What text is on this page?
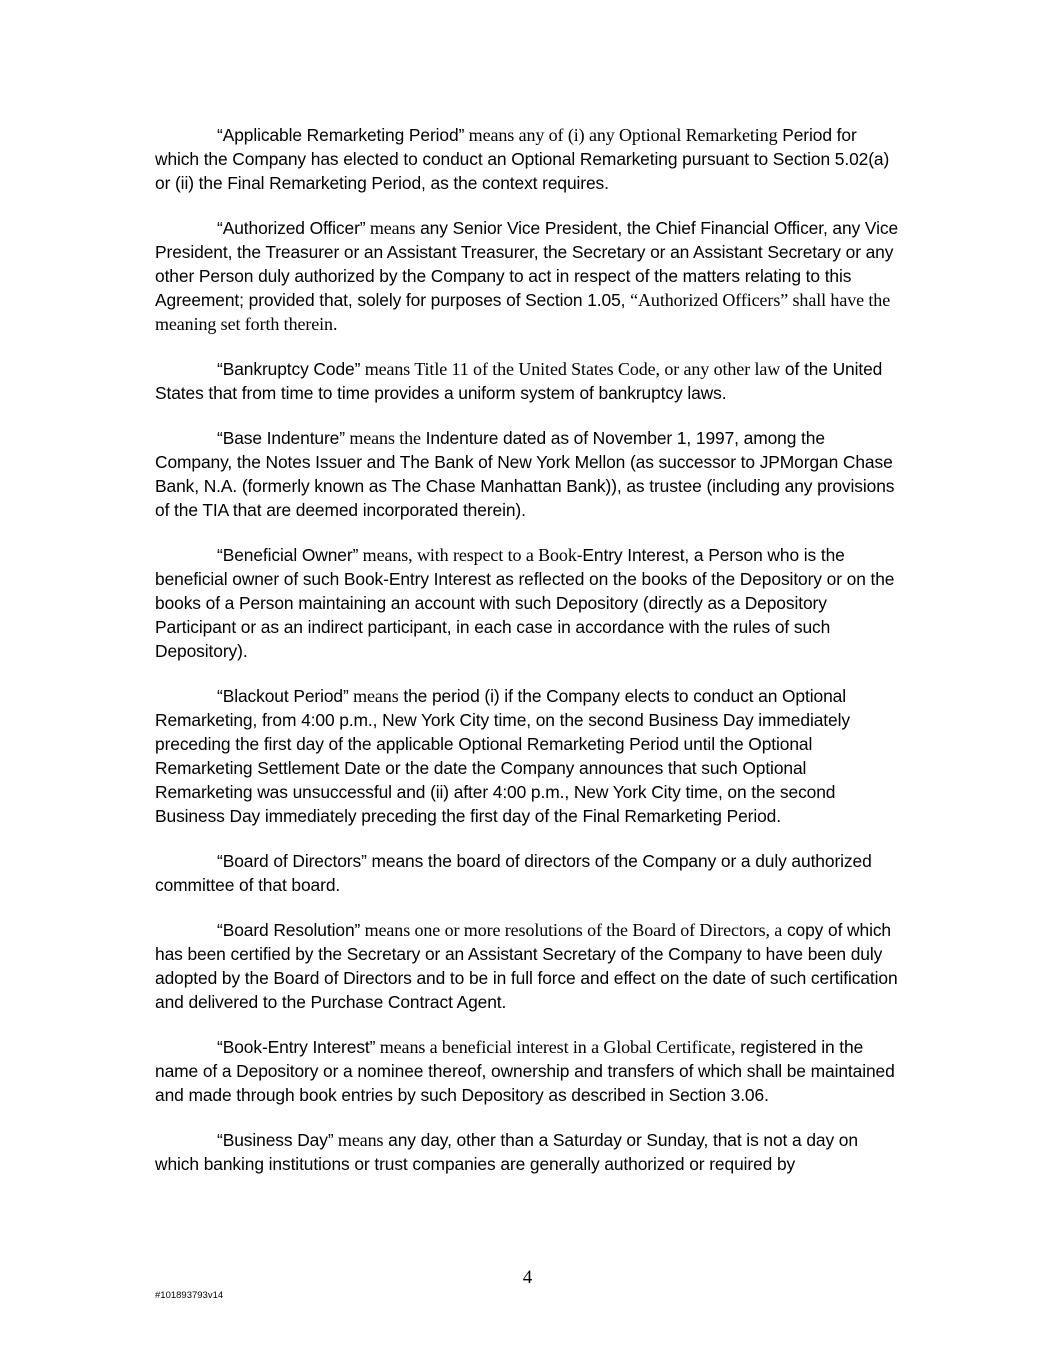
“Applicable Remarketing Period” means any of (i) any Optional Remarketing Period for which the Company has elected to conduct an Optional Remarketing pursuant to Section 5.02(a) or (ii) the Final Remarketing Period, as the context requires.

“Authorized Officer” means any Senior Vice President, the Chief Financial Officer, any Vice President, the Treasurer or an Assistant Treasurer, the Secretary or an Assistant Secretary or any other Person duly authorized by the Company to act in respect of the matters relating to this Agreement; provided that, solely for purposes of Section 1.05, “Authorized Officers” shall have the meaning set forth therein.

“Bankruptcy Code” means Title 11 of the United States Code, or any other law of the United States that from time to time provides a uniform system of bankruptcy laws.

“Base Indenture” means the Indenture dated as of November 1, 1997, among the Company, the Notes Issuer and The Bank of New York Mellon (as successor to JPMorgan Chase Bank, N.A. (formerly known as The Chase Manhattan Bank)), as trustee (including any provisions of the TIA that are deemed incorporated therein).

“Beneficial Owner” means, with respect to a Book-Entry Interest, a Person who is the beneficial owner of such Book-Entry Interest as reflected on the books of the Depository or on the books of a Person maintaining an account with such Depository (directly as a Depository Participant or as an indirect participant, in each case in accordance with the rules of such Depository).

“Blackout Period” means the period (i) if the Company elects to conduct an Optional Remarketing, from 4:00 p.m., New York City time, on the second Business Day immediately preceding the first day of the applicable Optional Remarketing Period until the Optional Remarketing Settlement Date or the date the Company announces that such Optional Remarketing was unsuccessful and (ii) after 4:00 p.m., New York City time, on the second Business Day immediately preceding the first day of the Final Remarketing Period.

“Board of Directors” means the board of directors of the Company or a duly authorized committee of that board.

“Board Resolution” means one or more resolutions of the Board of Directors, a copy of which has been certified by the Secretary or an Assistant Secretary of the Company to have been duly adopted by the Board of Directors and to be in full force and effect on the date of such certification and delivered to the Purchase Contract Agent.

“Book-Entry Interest” means a beneficial interest in a Global Certificate, registered in the name of a Depository or a nominee thereof, ownership and transfers of which shall be maintained and made through book entries by such Depository as described in Section 3.06.

“Business Day” means any day, other than a Saturday or Sunday, that is not a day on which banking institutions or trust companies are generally authorized or required by

4
#101893793v14
